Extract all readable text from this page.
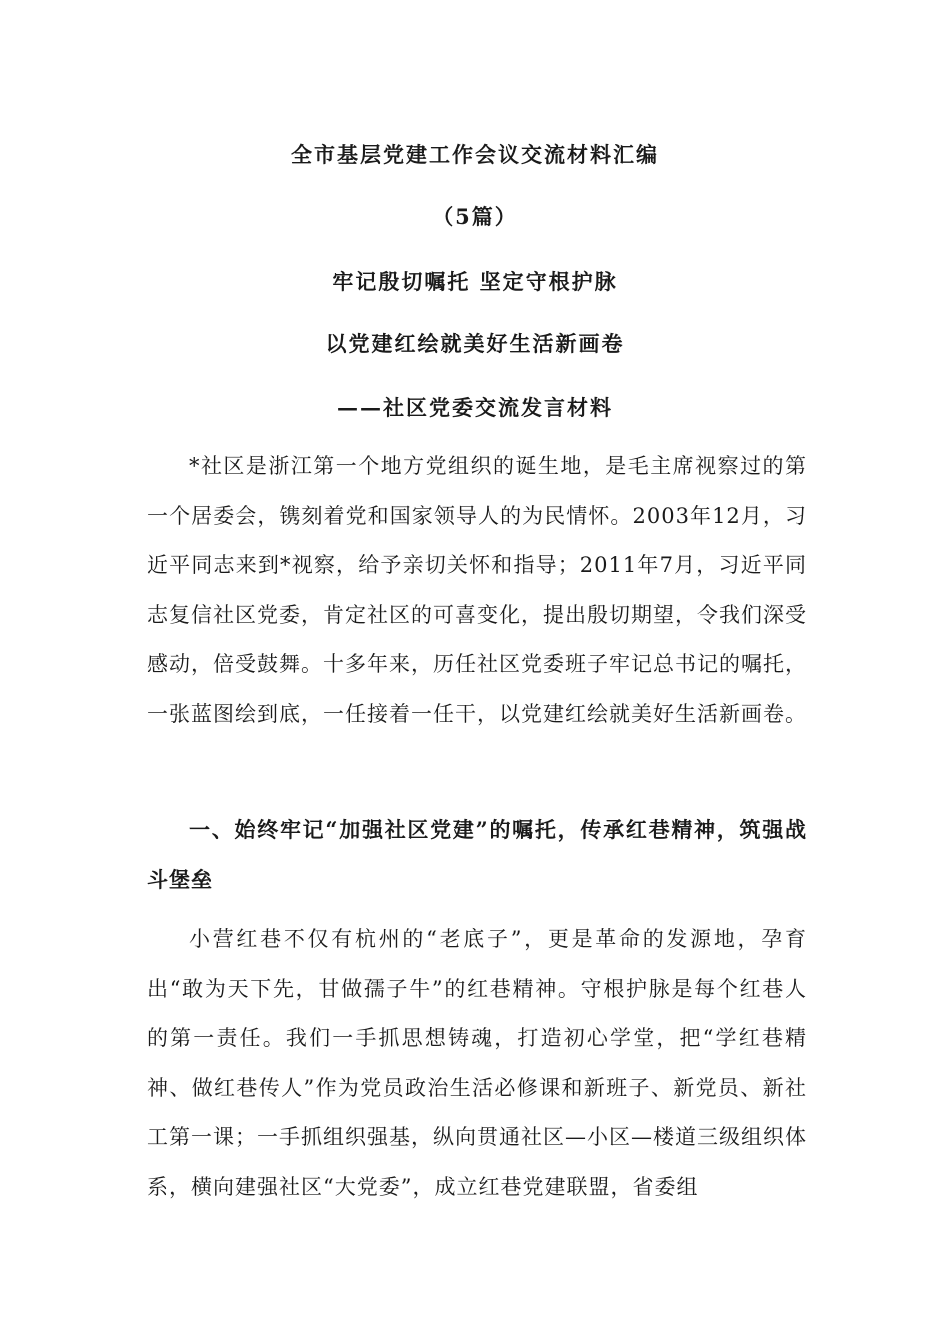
全市基层党建工作会议交流材料汇编
（5篇）
牢记殷切嘱托 坚定守根护脉
以党建红绘就美好生活新画卷
——社区党委交流发言材料

*社区是浙江第一个地方党组织的诞生地，是毛主席视察过的第一个居委会，镌刻着党和国家领导人的为民情怀。2003年12月，习近平同志来到*视察，给予亲切关怀和指导；2011年7月，习近平同志复信社区党委，肯定社区的可喜变化，提出殷切期望，令我们深受感动，倍受鼓舞。十多年来，历任社区党委班子牢记总书记的嘱托，一张蓝图绘到底，一任接着一任干，以党建红绘就美好生活新画卷。

一、始终牢记“加强社区党建”的嘱托，传承红巷精神，筑强战斗堡垒

小营红巷不仅有杭州的“老底子”，更是革命的发源地，孕育出“敢为天下先，甘做孺子牛”的红巷精神。守根护脉是每个红巷人的第一责任。我们一手抓思想铸魂，打造初心学堂，把“学红巷精神、做红巷传人”作为党员政治生活必修课和新班子、新党员、新社工第一课；一手抓组织强基，纵向贯通社区—小区—楼道三级组织体系，横向建强社区“大党委”，成立红巷党建联盟，省委组
